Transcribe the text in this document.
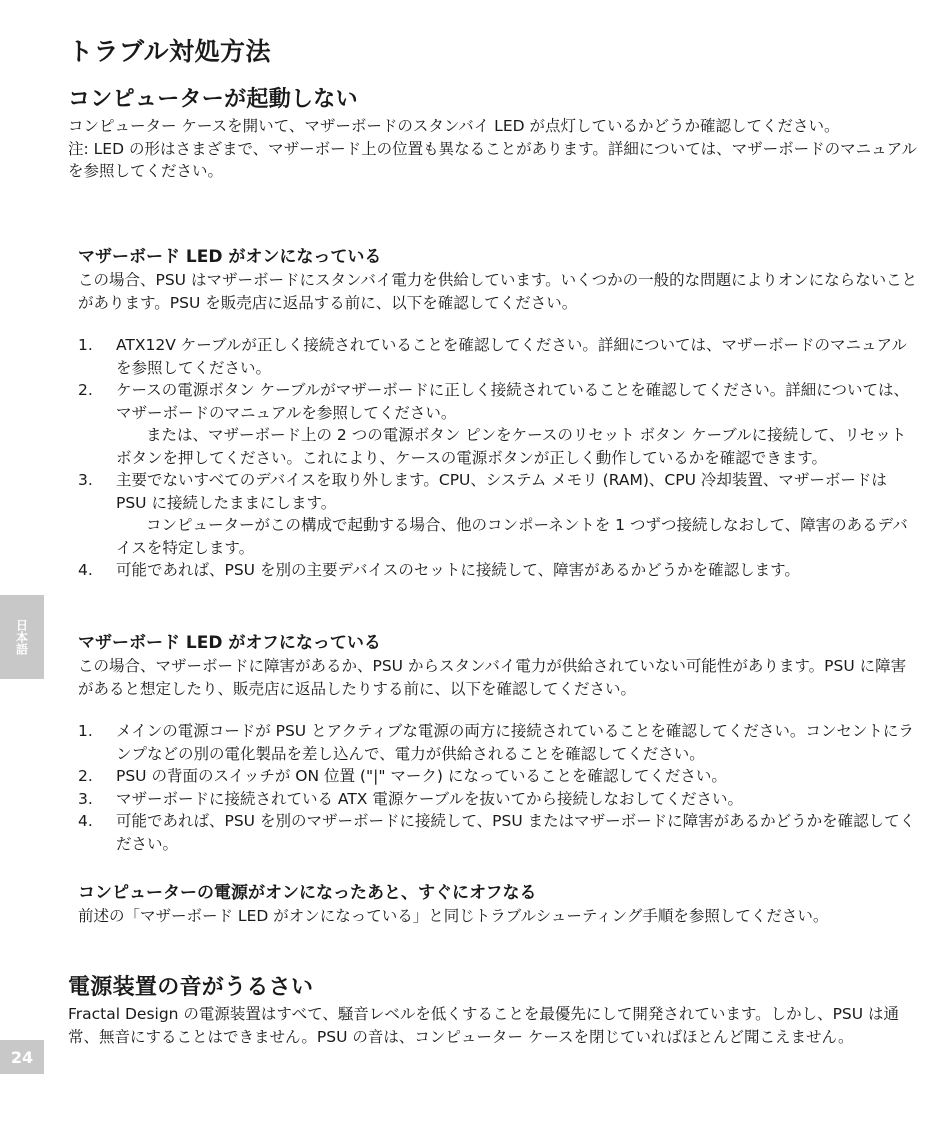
トラブル対処方法
コンピューターが起動しない

コンピューター ケースを開いて、マザーボードのスタンバイ LED が点灯しているかどうか確認してください。

注: LED の形はさまざまで、マザーボード上の位置も異なることがあります。詳細については、マザーボードのマニュアルを参照してください。

マザーボード LED がオンになっている

この場合、PSU はマザーボードにスタンバイ電力を供給しています。いくつかの一般的な問題によりオンにならないことがあります。PSU を販売店に返品する前に、以下を確認してください。

1. ATX12V ケーブルが正しく接続されていることを確認してください。詳細については、マザーボードのマニュアルを参照してください。
2. ケースの電源ボタン ケーブルがマザーボードに正しく接続されていることを確認してください。詳細については、マザーボードのマニュアルを参照してください。
または、マザーボード上の 2 つの電源ボタン ピンをケースのリセット ボタン ケーブルに接続して、リセット ボタンを押してください。これにより、ケースの電源ボタンが正しく動作しているかを確認できます。
3. 主要でないすべてのデバイスを取り外します。CPU、システム メモリ (RAM)、CPU 冷却装置、マザーボードは PSU に接続したままにします。
コンピューターがこの構成で起動する場合、他のコンポーネントを 1 つずつ接続しなおして、障害のあるデバイスを特定します。
4. 可能であれば、PSU を別の主要デバイスのセットに接続して、障害があるかどうかを確認します。
マザーボード LED がオフになっている

この場合、マザーボードに障害があるか、PSU からスタンバイ電力が供給されていない可能性があります。PSU に障害があると想定したり、販売店に返品したりする前に、以下を確認してください。

1. メインの電源コードが PSU とアクティブな電源の両方に接続されていることを確認してください。コンセントにランプなどの別の電化製品を差し込んで、電力が供給されることを確認してください。
2. PSU の背面のスイッチが ON 位置 ("|" マーク) になっていることを確認してください。
3. マザーボードに接続されている ATX 電源ケーブルを抜いてから接続しなおしてください。
4. 可能であれば、PSU を別のマザーボードに接続して、PSU またはマザーボードに障害があるかどうかを確認してください。
コンピューターの電源がオンになったあと、すぐにオフなる

前述の「マザーボード LED がオンになっている」と同じトラブルシューティング手順を参照してください。

電源装置の音がうるさい

Fractal Design の電源装置はすべて、騒音レベルを低くすることを最優先にして開発されています。しかし、PSU は通常、無音にすることはできません。PSU の音は、コンピューター ケースを閉じていればほとんど聞こえません。

日本語
24
